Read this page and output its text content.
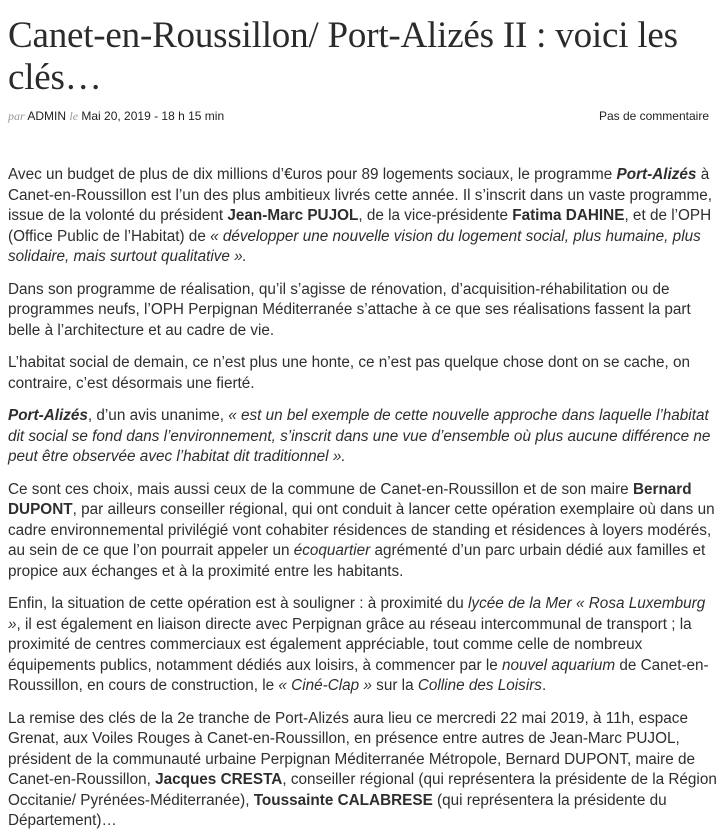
Canet-en-Roussillon/ Port-Alizés II : voici les clés…
par ADMIN le Mai 20, 2019 - 18 h 15 min	Pas de commentaire

Avec un budget de plus de dix millions d’€uros pour 89 logements sociaux, le programme Port-Alizés à Canet-en-Roussillon est l’un des plus ambitieux livrés cette année. Il s’inscrit dans un vaste programme, issue de la volonté du président Jean-Marc PUJOL, de la vice-présidente Fatima DAHINE, et de l’OPH (Office Public de l’Habitat) de « développer une nouvelle vision du logement social, plus humaine, plus solidaire, mais surtout qualitative ».

Dans son programme de réalisation, qu’il s’agisse de rénovation, d’acquisition-réhabilitation ou de programmes neufs, l’OPH Perpignan Méditerranée s’attache à ce que ses réalisations fassent la part belle à l’architecture et au cadre de vie.

L’habitat social de demain, ce n’est plus une honte, ce n’est pas quelque chose dont on se cache, on contraire, c’est désormais une fierté.

Port-Alizés, d’un avis unanime, « est un bel exemple de cette nouvelle approche dans laquelle l’habitat dit social se fond dans l’environnement, s’inscrit dans une vue d’ensemble où plus aucune différence ne peut être observée avec l’habitat dit traditionnel ».

Ce sont ces choix, mais aussi ceux de la commune de Canet-en-Roussillon et de son maire Bernard DUPONT, par ailleurs conseiller régional, qui ont conduit à lancer cette opération exemplaire où dans un cadre environnemental privilégié vont cohabiter résidences de standing et résidences à loyers modérés, au sein de ce que l’on pourrait appeler un écoquartier agrémenté d’un parc urbain dédié aux familles et propice aux échanges et à la proximité entre les habitants.

Enfin, la situation de cette opération est à souligner : à proximité du lycée de la Mer « Rosa Luxemburg », il est également en liaison directe avec Perpignan grâce au réseau intercommunal de transport ; la proximité de centres commerciaux est également appréciable, tout comme celle de nombreux équipements publics, notamment dédiés aux loisirs, à commencer par le nouvel aquarium de Canet-en-Roussillon, en cours de construction, le « Ciné-Clap » sur la Colline des Loisirs.

La remise des clés de la 2e tranche de Port-Alizés aura lieu ce mercredi 22 mai 2019, à 11h, espace Grenat, aux Voiles Rouges à Canet-en-Roussillon, en présence entre autres de Jean-Marc PUJOL, président de la communauté urbaine Perpignan Méditerranée Métropole, Bernard DUPONT, maire de Canet-en-Roussillon, Jacques CRESTA, conseiller régional (qui représentera la présidente de la Région Occitanie/ Pyrénées-Méditerranée), Toussainte CALABRESE (qui représentera la présidente du Département)…
